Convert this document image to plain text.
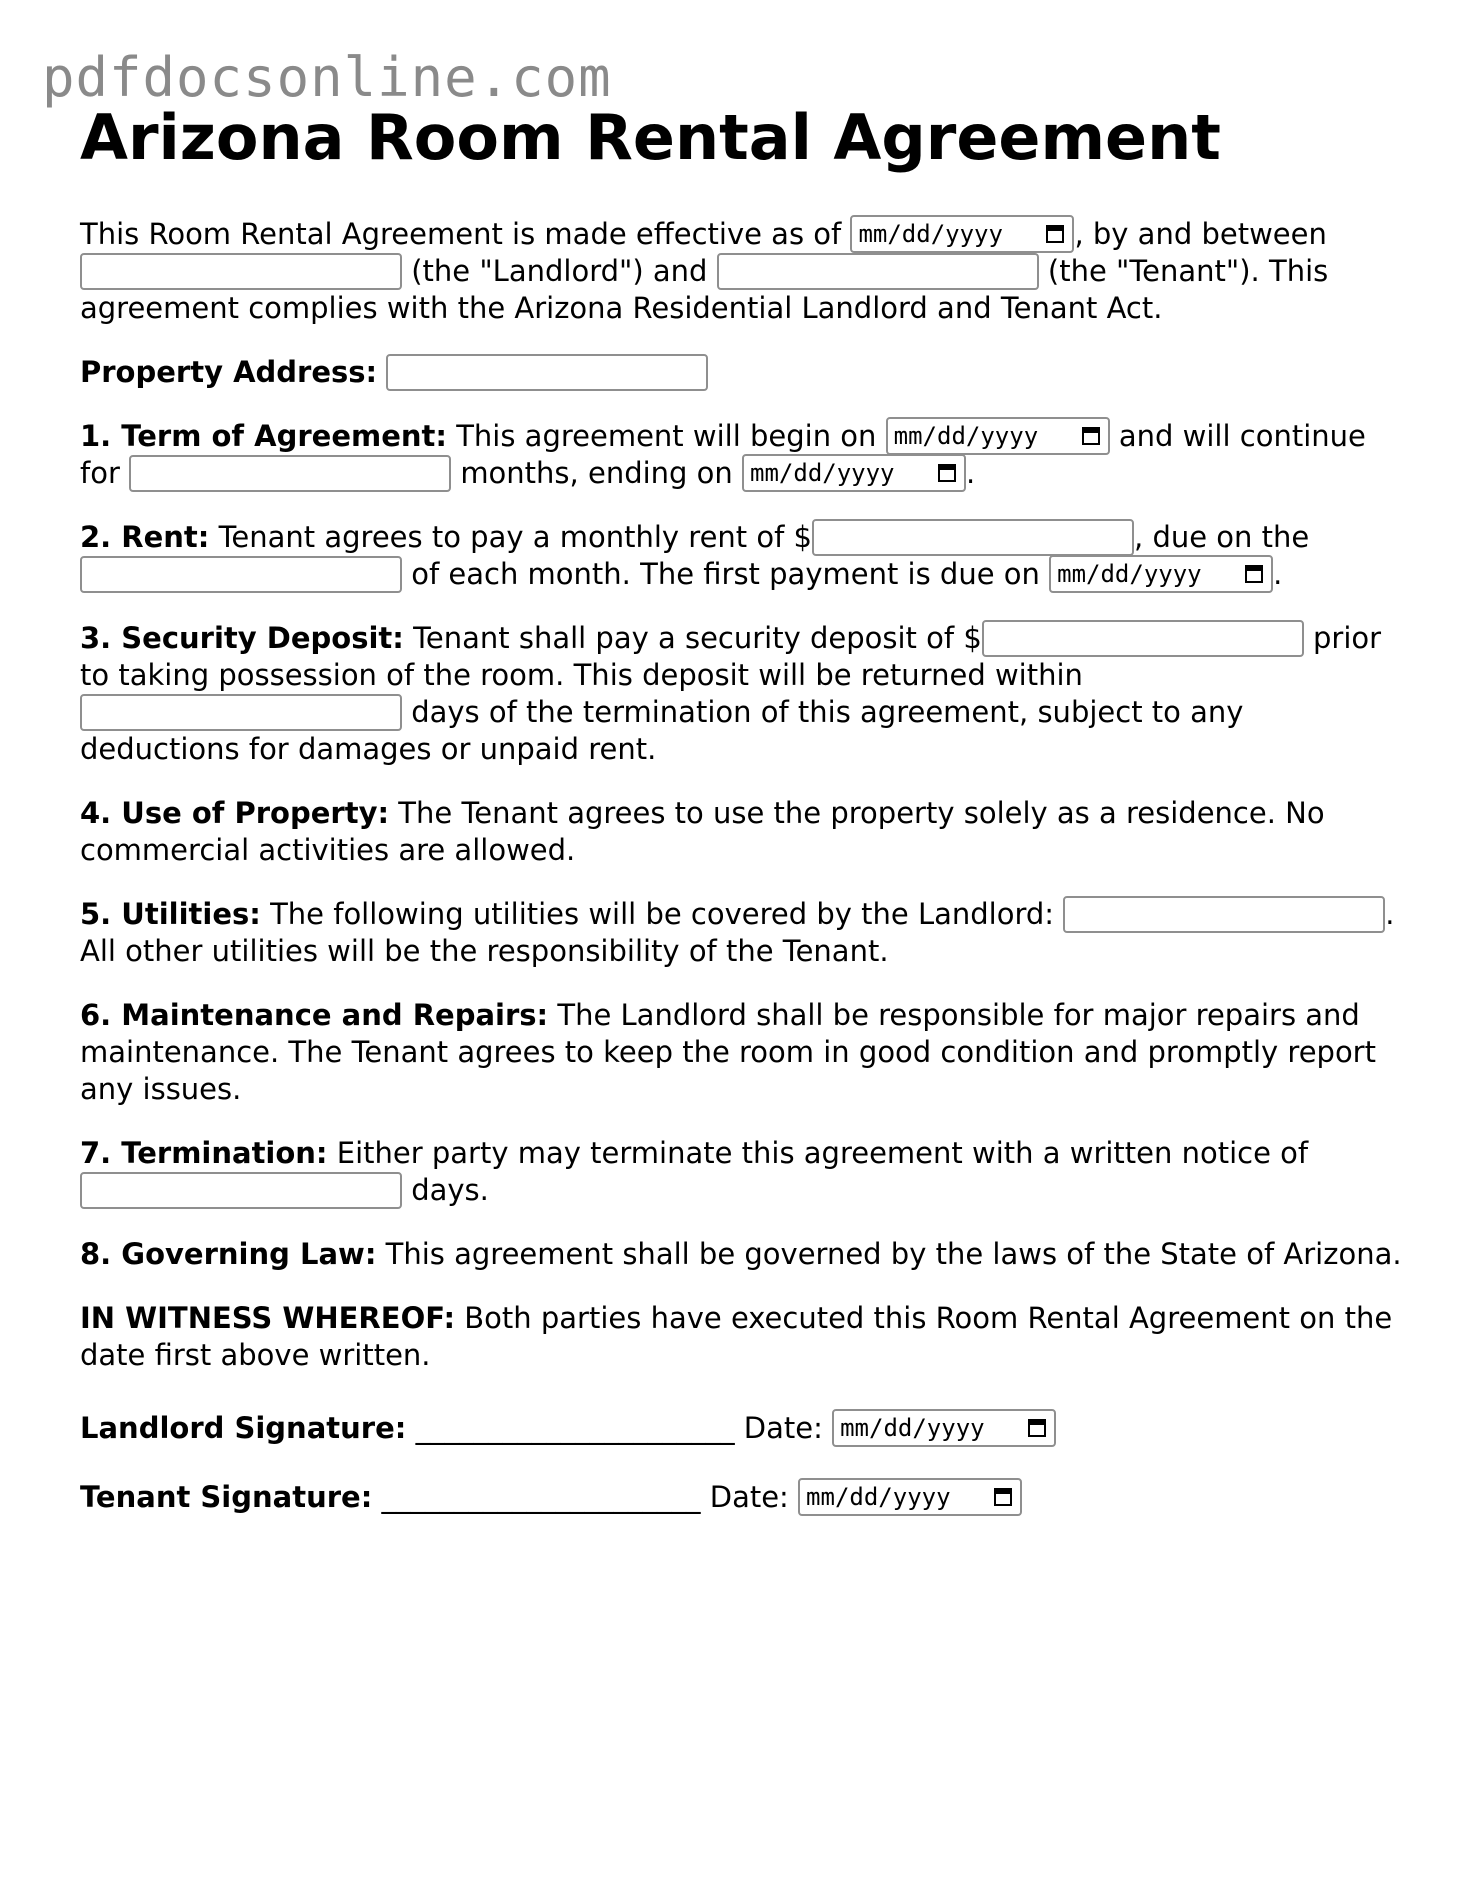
pdfdocsonline.com
Arizona Room Rental Agreement

This Room Rental Agreement is made effective as of mm/dd/yyyy , by and between  (the "Landlord") and	(the "Tenant"). This agreement complies with the Arizona Residential Landlord and Tenant Act.

Property Address:

1. Term of Agreement: This agreement will begin on mm/dd/yyyy	and will continue for	months, ending on mm/dd/yyyy .

2. Rent: Tenant agrees to pay a monthly rent of $	, due on the  of each month. The first payment is due on mm/dd/yyyy .

3. Security Deposit: Tenant shall pay a security deposit of $	prior to taking possession of the room. This deposit will be returned within  days of the termination of this agreement, subject to any deductions for damages or unpaid rent.

4. Use of Property: The Tenant agrees to use the property solely as a residence. No commercial activities are allowed.

5. Utilities: The following utilities will be covered by the Landlord:	. All other utilities will be the responsibility of the Tenant.

6. Maintenance and Repairs: The Landlord shall be responsible for major repairs and maintenance. The Tenant agrees to keep the room in good condition and promptly report any issues.

7. Termination: Either party may terminate this agreement with a written notice of  days.

8. Governing Law: This agreement shall be governed by the laws of the State of Arizona.

IN WITNESS WHEREOF: Both parties have executed this Room Rental Agreement on the date first above written.

Landlord Signature: ______________________ Date: mm/dd/yyyy

Tenant Signature: ______________________ Date: mm/dd/yyyy
